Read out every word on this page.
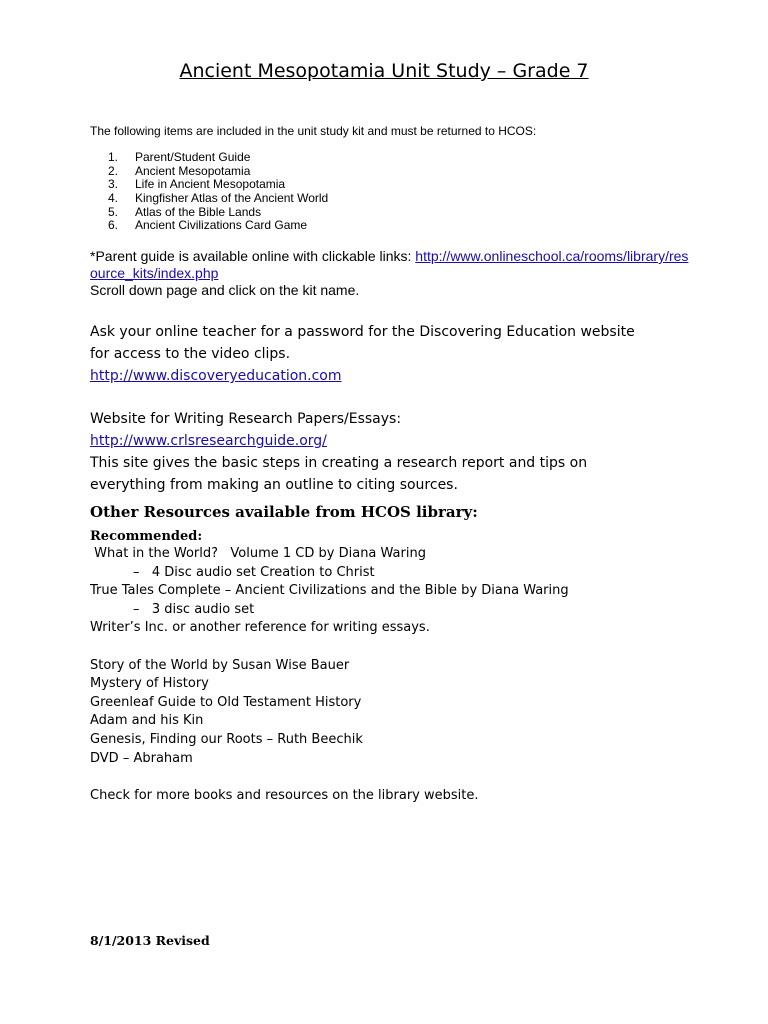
Ancient Mesopotamia Unit Study – Grade 7
The following items are included in the unit study kit and must be returned to HCOS:
1. Parent/Student Guide
2. Ancient Mesopotamia
3. Life in Ancient Mesopotamia
4. Kingfisher Atlas of the Ancient World
5. Atlas of the Bible Lands
6. Ancient Civilizations Card Game
*Parent guide is available online with clickable links: http://www.onlineschool.ca/rooms/library/resource_kits/index.php
Scroll down page and click on the kit name.

Ask your online teacher for a password for the Discovering Education website

for access to the video clips.

http://www.discoveryeducation.com

Website for Writing Research Papers/Essays:

http://www.crlsresearchguide.org/

This site gives the basic steps in creating a research report and tips on

everything from making an outline to citing sources.

Other Resources available from HCOS library:
Recommended:
What in the World?   Volume 1 CD by Diana Waring
–   4 Disc audio set Creation to Christ
True Tales Complete – Ancient Civilizations and the Bible by Diana Waring
–   3 disc audio set
Writer’s Inc. or another reference for writing essays.
Story of the World by Susan Wise Bauer
Mystery of History
Greenleaf Guide to Old Testament History
Adam and his Kin
Genesis, Finding our Roots – Ruth Beechik
DVD – Abraham
Check for more books and resources on the library website.
8/1/2013 Revised
